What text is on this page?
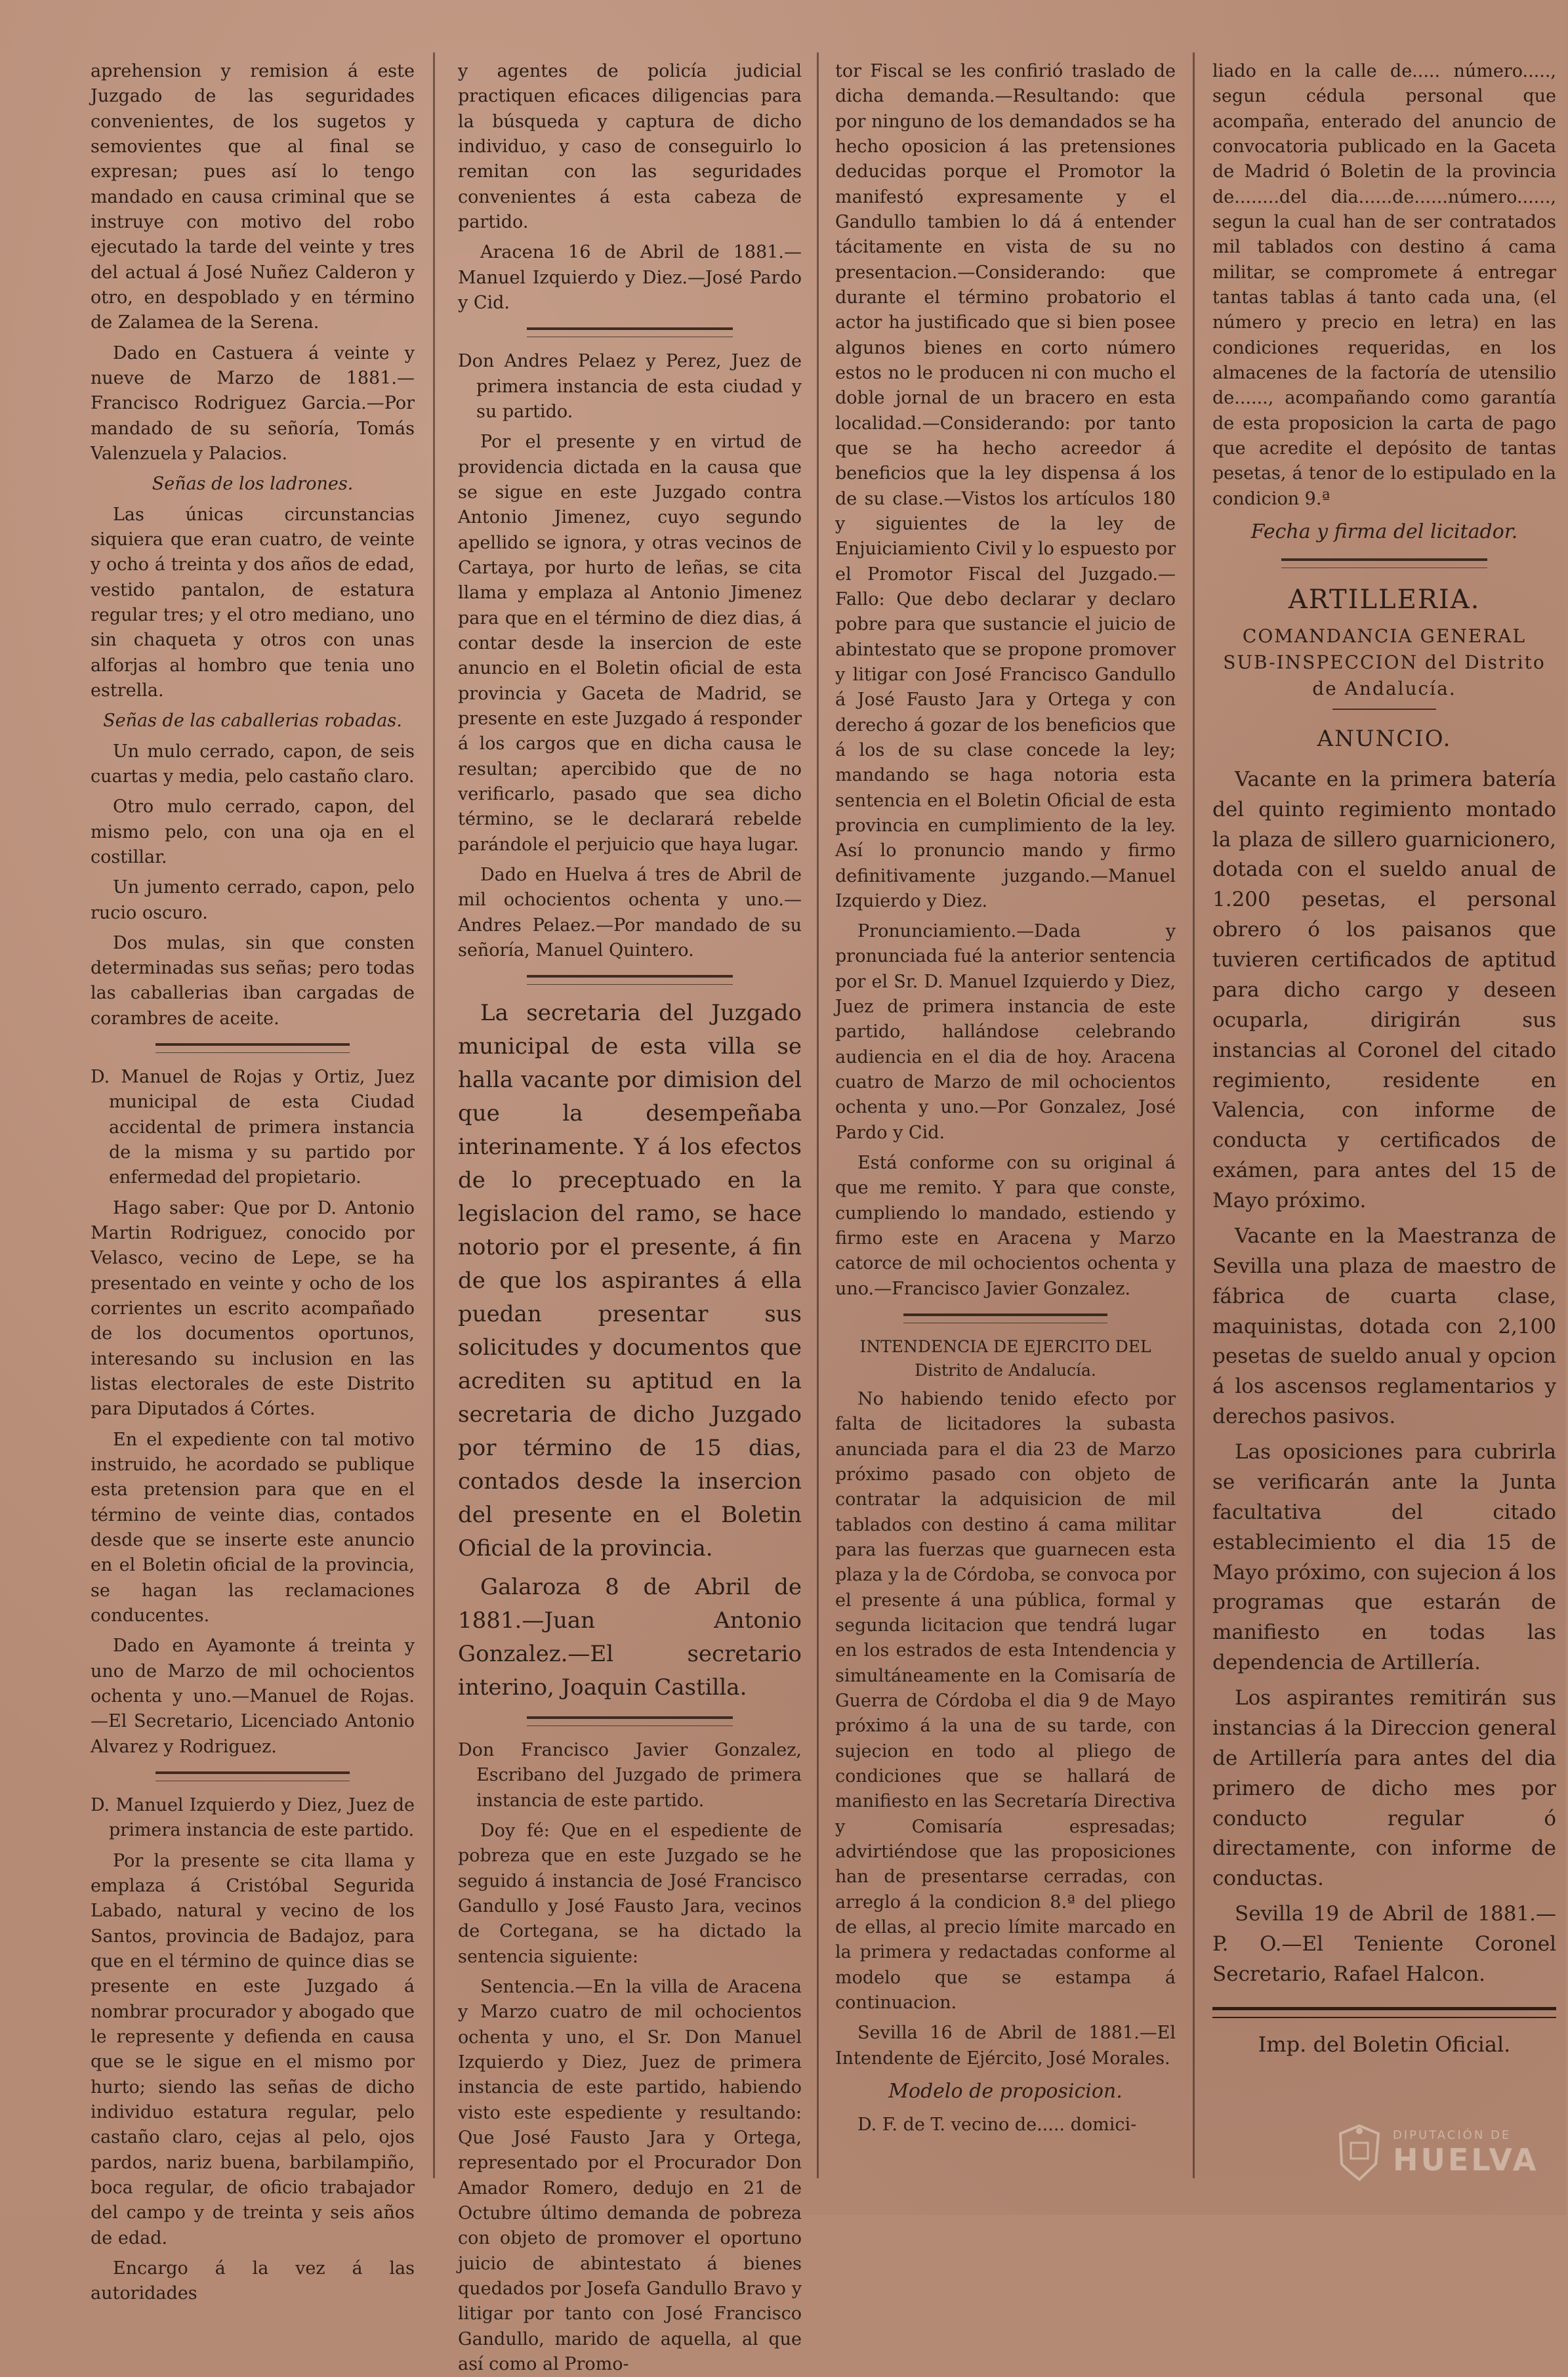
aprehension y remision á este Juzgado de las seguridades convenientes, de los sugetos y semovientes que al final se expresan; pues así lo tengo mandado en causa criminal que se instruye con motivo del robo ejecutado la tarde del veinte y tres del actual á José Nuñez Calderon y otro, en despoblado y en término de Zalamea de la Serena.

Dado en Castuera á veinte y nueve de Marzo de 1881.—Francisco Rodriguez Garcia.—Por mandado de su señoría, Tomás Valenzuela y Palacios.

Señas de los ladrones.

Las únicas circunstancias siquiera que eran cuatro, de veinte y ocho á treinta y dos años de edad, vestido pantalon, de estatura regular tres; y el otro mediano, uno sin chaqueta y otros con unas alforjas al hombro que tenia uno estrella.

Señas de las caballerias robadas.

Un mulo cerrado, capon, de seis cuartas y media, pelo castaño claro.

Otro mulo cerrado, capon, del mismo pelo, con una oja en el costillar.

Un jumento cerrado, capon, pelo rucio oscuro.

Dos mulas, sin que consten determinadas sus señas; pero todas las caballerias iban cargadas de corambres de aceite.

D. Manuel de Rojas y Ortiz, Juez municipal de esta Ciudad accidental de primera instancia de la misma y su partido por enfermedad del propietario.

Hago saber: Que por D. Antonio Martin Rodriguez, conocido por Velasco, vecino de Lepe, se ha presentado en veinte y ocho de los corrientes un escrito acompañado de los documentos oportunos, interesando su inclusion en las listas electorales de este Distrito para Diputados á Córtes.

En el expediente con tal motivo instruido, he acordado se publique esta pretension para que en el término de veinte dias, contados desde que se inserte este anuncio en el Boletin oficial de la provincia, se hagan las reclamaciones conducentes.

Dado en Ayamonte á treinta y uno de Marzo de mil ochocientos ochenta y uno.—Manuel de Rojas. —El Secretario, Licenciado Antonio Alvarez y Rodriguez.

D. Manuel Izquierdo y Diez, Juez de primera instancia de este partido.

Por la presente se cita llama y emplaza á Cristóbal Segurida Labado, natural y vecino de los Santos, provincia de Badajoz, para que en el término de quince dias se presente en este Juzgado á nombrar procurador y abogado que le represente y defienda en causa que se le sigue en el mismo por hurto; siendo las señas de dicho individuo estatura regular, pelo castaño claro, cejas al pelo, ojos pardos, nariz buena, barbilampiño, boca regular, de oficio trabajador del campo y de treinta y seis años de edad.

Encargo á la vez á las autoridades

y agentes de policía judicial practiquen eficaces diligencias para la búsqueda y captura de dicho individuo, y caso de conseguirlo lo remitan con las seguridades convenientes á esta cabeza de partido.

Aracena 16 de Abril de 1881.—Manuel Izquierdo y Diez.—José Pardo y Cid.

Don Andres Pelaez y Perez, Juez de primera instancia de esta ciudad y su partido.

Por el presente y en virtud de providencia dictada en la causa que se sigue en este Juzgado contra Antonio Jimenez, cuyo segundo apellido se ignora, y otras vecinos de Cartaya, por hurto de leñas, se cita llama y emplaza al Antonio Jimenez para que en el término de diez dias, á contar desde la insercion de este anuncio en el Boletin oficial de esta provincia y Gaceta de Madrid, se presente en este Juzgado á responder á los cargos que en dicha causa le resultan; apercibido que de no verificarlo, pasado que sea dicho término, se le declarará rebelde parándole el perjuicio que haya lugar.

Dado en Huelva á tres de Abril de mil ochocientos ochenta y uno.—Andres Pelaez.—Por mandado de su señoría, Manuel Quintero.

La secretaria del Juzgado municipal de esta villa se halla vacante por dimision del que la desempeñaba interinamente. Y á los efectos de lo preceptuado en la legislacion del ramo, se hace notorio por el presente, á fin de que los aspirantes á ella puedan presentar sus solicitudes y documentos que acrediten su aptitud en la secretaria de dicho Juzgado por término de 15 dias, contados desde la insercion del presente en el Boletin Oficial de la provincia.

Galaroza 8 de Abril de 1881.—Juan Antonio Gonzalez.—El secretario interino, Joaquin Castilla.

Don Francisco Javier Gonzalez, Escribano del Juzgado de primera instancia de este partido.

Doy fé: Que en el espediente de pobreza que en este Juzgado se he seguido á instancia de José Francisco Gandullo y José Fausto Jara, vecinos de Cortegana, se ha dictado la sentencia siguiente:

Sentencia.—En la villa de Aracena y Marzo cuatro de mil ochocientos ochenta y uno, el Sr. Don Manuel Izquierdo y Diez, Juez de primera instancia de este partido, habiendo visto este espediente y resultando: Que José Fausto Jara y Ortega, representado por el Procurador Don Amador Romero, dedujo en 21 de Octubre último demanda de pobreza con objeto de promover el oportuno juicio de abintestato á bienes quedados por Josefa Gandullo Bravo y litigar por tanto con José Francisco Gandullo, marido de aquella, al que así como al Promo-

tor Fiscal se les confirió traslado de dicha demanda.—Resultando: que por ninguno de los demandados se ha hecho oposicion á las pretensiones deducidas porque el Promotor la manifestó expresamente y el Gandullo tambien lo dá á entender tácitamente en vista de su no presentacion.—Considerando: que durante el término probatorio el actor ha justificado que si bien posee algunos bienes en corto número estos no le producen ni con mucho el doble jornal de un bracero en esta localidad.—Considerando: por tanto que se ha hecho acreedor á beneficios que la ley dispensa á los de su clase.—Vistos los artículos 180 y siguientes de la ley de Enjuiciamiento Civil y lo espuesto por el Promotor Fiscal del Juzgado.—Fallo: Que debo declarar y declaro pobre para que sustancie el juicio de abintestato que se propone promover y litigar con José Francisco Gandullo á José Fausto Jara y Ortega y con derecho á gozar de los beneficios que á los de su clase concede la ley; mandando se haga notoria esta sentencia en el Boletin Oficial de esta provincia en cumplimiento de la ley. Así lo pronuncio mando y firmo definitivamente juzgando.—Manuel Izquierdo y Diez.

Pronunciamiento.—Dada y pronunciada fué la anterior sentencia por el Sr. D. Manuel Izquierdo y Diez, Juez de primera instancia de este partido, hallándose celebrando audiencia en el dia de hoy. Aracena cuatro de Marzo de mil ochocientos ochenta y uno.—Por Gonzalez, José Pardo y Cid.

Está conforme con su original á que me remito. Y para que conste, cumpliendo lo mandado, estiendo y firmo este en Aracena y Marzo catorce de mil ochocientos ochenta y uno.—Francisco Javier Gonzalez.

INTENDENCIA DE EJERCITO DEL Distrito de Andalucía.

No habiendo tenido efecto por falta de licitadores la subasta anunciada para el dia 23 de Marzo próximo pasado con objeto de contratar la adquisicion de mil tablados con destino á cama militar para las fuerzas que guarnecen esta plaza y la de Córdoba, se convoca por el presente á una pública, formal y segunda licitacion que tendrá lugar en los estrados de esta Intendencia y simultáneamente en la Comisaría de Guerra de Córdoba el dia 9 de Mayo próximo á la una de su tarde, con sujecion en todo al pliego de condiciones que se hallará de manifiesto en las Secretaría Directiva y Comisaría espresadas; advirtiéndose que las proposiciones han de presentarse cerradas, con arreglo á la condicion 8.ª del pliego de ellas, al precio límite marcado en la primera y redactadas conforme al modelo que se estampa á continuacion.

Sevilla 16 de Abril de 1881.—El Intendente de Ejército, José Morales.

Modelo de proposicion.

D. F. de T. vecino de..... domici-

liado en la calle de..... número....., segun cédula personal que acompaña, enterado del anuncio de convocatoria publicado en la Gaceta de Madrid ó Boletin de la provincia de........del dia......de......número......, segun la cual han de ser contratados mil tablados con destino á cama militar, se compromete á entregar tantas tablas á tanto cada una, (el número y precio en letra) en las condiciones requeridas, en los almacenes de la factoría de utensilio de......, acompañando como garantía de esta proposicion la carta de pago que acredite el depósito de tantas pesetas, á tenor de lo estipulado en la condicion 9.ª

Fecha y firma del licitador.
ARTILLERIA.
COMANDANCIA GENERAL SUB-INSPECCION del Distrito de Andalucía.
ANUNCIO.

Vacante en la primera batería del quinto regimiento montado la plaza de sillero guarnicionero, dotada con el sueldo anual de 1.200 pesetas, el personal obrero ó los paisanos que tuvieren certificados de aptitud para dicho cargo y deseen ocuparla, dirigirán sus instancias al Coronel del citado regimiento, residente en Valencia, con informe de conducta y certificados de exámen, para antes del 15 de Mayo próximo.

Vacante en la Maestranza de Sevilla una plaza de maestro de fábrica de cuarta clase, maquinistas, dotada con 2,100 pesetas de sueldo anual y opcion á los ascensos reglamentarios y derechos pasivos.

Las oposiciones para cubrirla se verificarán ante la Junta facultativa del citado establecimiento el dia 15 de Mayo próximo, con sujecion á los programas que estarán de manifiesto en todas las dependencia de Artillería.

Los aspirantes remitirán sus instancias á la Direccion general de Artillería para antes del dia primero de dicho mes por conducto regular ó directamente, con informe de conductas.

Sevilla 19 de Abril de 1881.—P. O.—El Teniente Coronel Secretario, Rafael Halcon.

Imp. del Boletin Oficial.
DIPUTACIÓN DE
HUELVA
